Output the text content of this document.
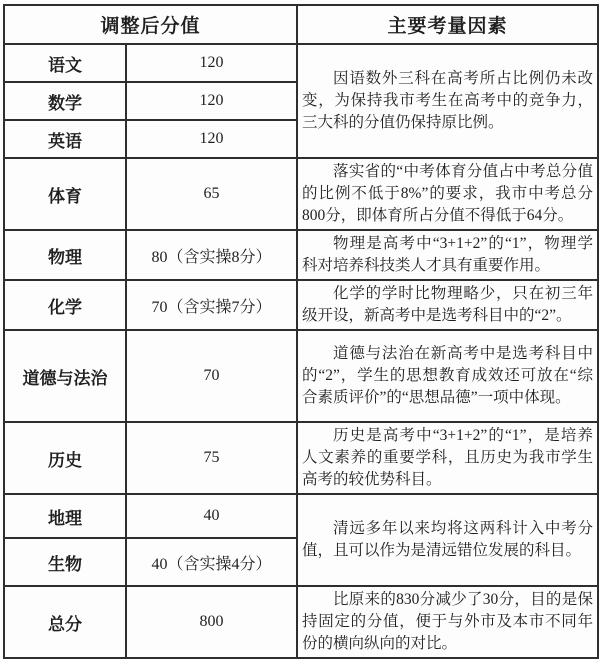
调整后分值		主要考量因素
语文	120	因语数外三科在高考所占比例仍未改变，为保持我市考生在高考中的竞争力，三大科的分值仍保持原比例。

数学	120	
英语	120	
体育	65	落实省的“中考体育分值占中考总分值的比例不低于8%”的要求，我市中考总分800分，即体育所占分值不得低于64分。

物理	80（含实操8分）	物理是高考中“3+1+2”的“1”，物理学科对培养科技类人才具有重要作用。

化学	70（含实操7分）	化学的学时比物理略少，只在初三年级开设，新高考中是选考科目中的“2”。

道德与法治	70	道德与法治在新高考中是选考科目中的“2”，学生的思想教育成效还可放在“综合素质评价”的“思想品德”一项中体现。

历史	75	历史是高考中“3+1+2”的“1”，是培养人文素养的重要学科，且历史为我市学生高考的较优势科目。

地理	40	清远多年以来均将这两科计入中考分值，且可以作为是清远错位发展的科目。

生物	40（含实操4分）	
总分	800	比原来的830分减少了30分，目的是保持固定的分值，便于与外市及本市不同年份的横向纵向的对比。
